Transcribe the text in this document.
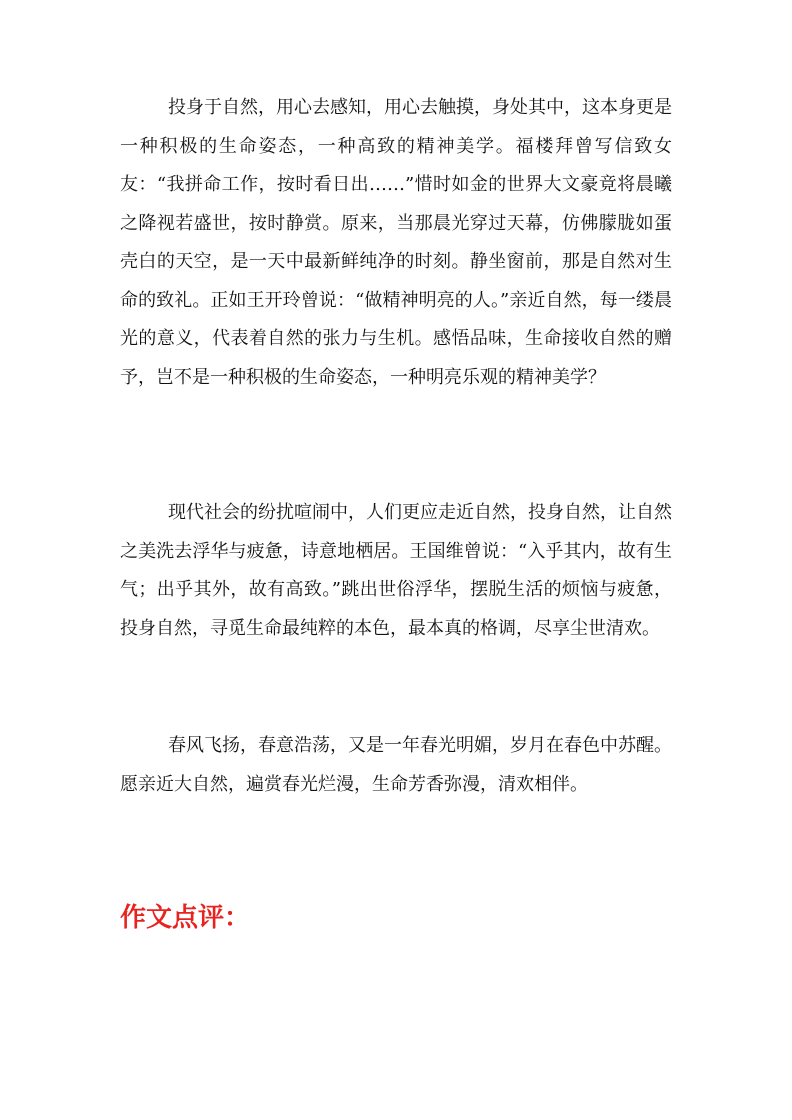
投身于自然，用心去感知，用心去触摸，身处其中，这本身更是一种积极的生命姿态，一种高致的精神美学。福楼拜曾写信致女友：“我拼命工作，按时看日出……”惜时如金的世界大文豪竟将晨曦之降视若盛世，按时静赏。原来，当那晨光穿过天幕，仿佛朦胧如蛋壳白的天空，是一天中最新鲜纯净的时刻。静坐窗前，那是自然对生命的致礼。正如王开玲曾说：“做精神明亮的人。”亲近自然，每一缕晨光的意义，代表着自然的张力与生机。感悟品味，生命接收自然的赠予，岂不是一种积极的生命姿态，一种明亮乐观的精神美学？

现代社会的纷扰喧闹中，人们更应走近自然，投身自然，让自然之美洗去浮华与疲惫，诗意地栖居。王国维曾说：“入乎其内，故有生气；出乎其外，故有高致。”跳出世俗浮华，摆脱生活的烦恼与疲惫，投身自然，寻觅生命最纯粹的本色，最本真的格调，尽享尘世清欢。

春风飞扬，春意浩荡，又是一年春光明媚，岁月在春色中苏醒。愿亲近大自然，遍赏春光烂漫，生命芳香弥漫，清欢相伴。

作文点评：
